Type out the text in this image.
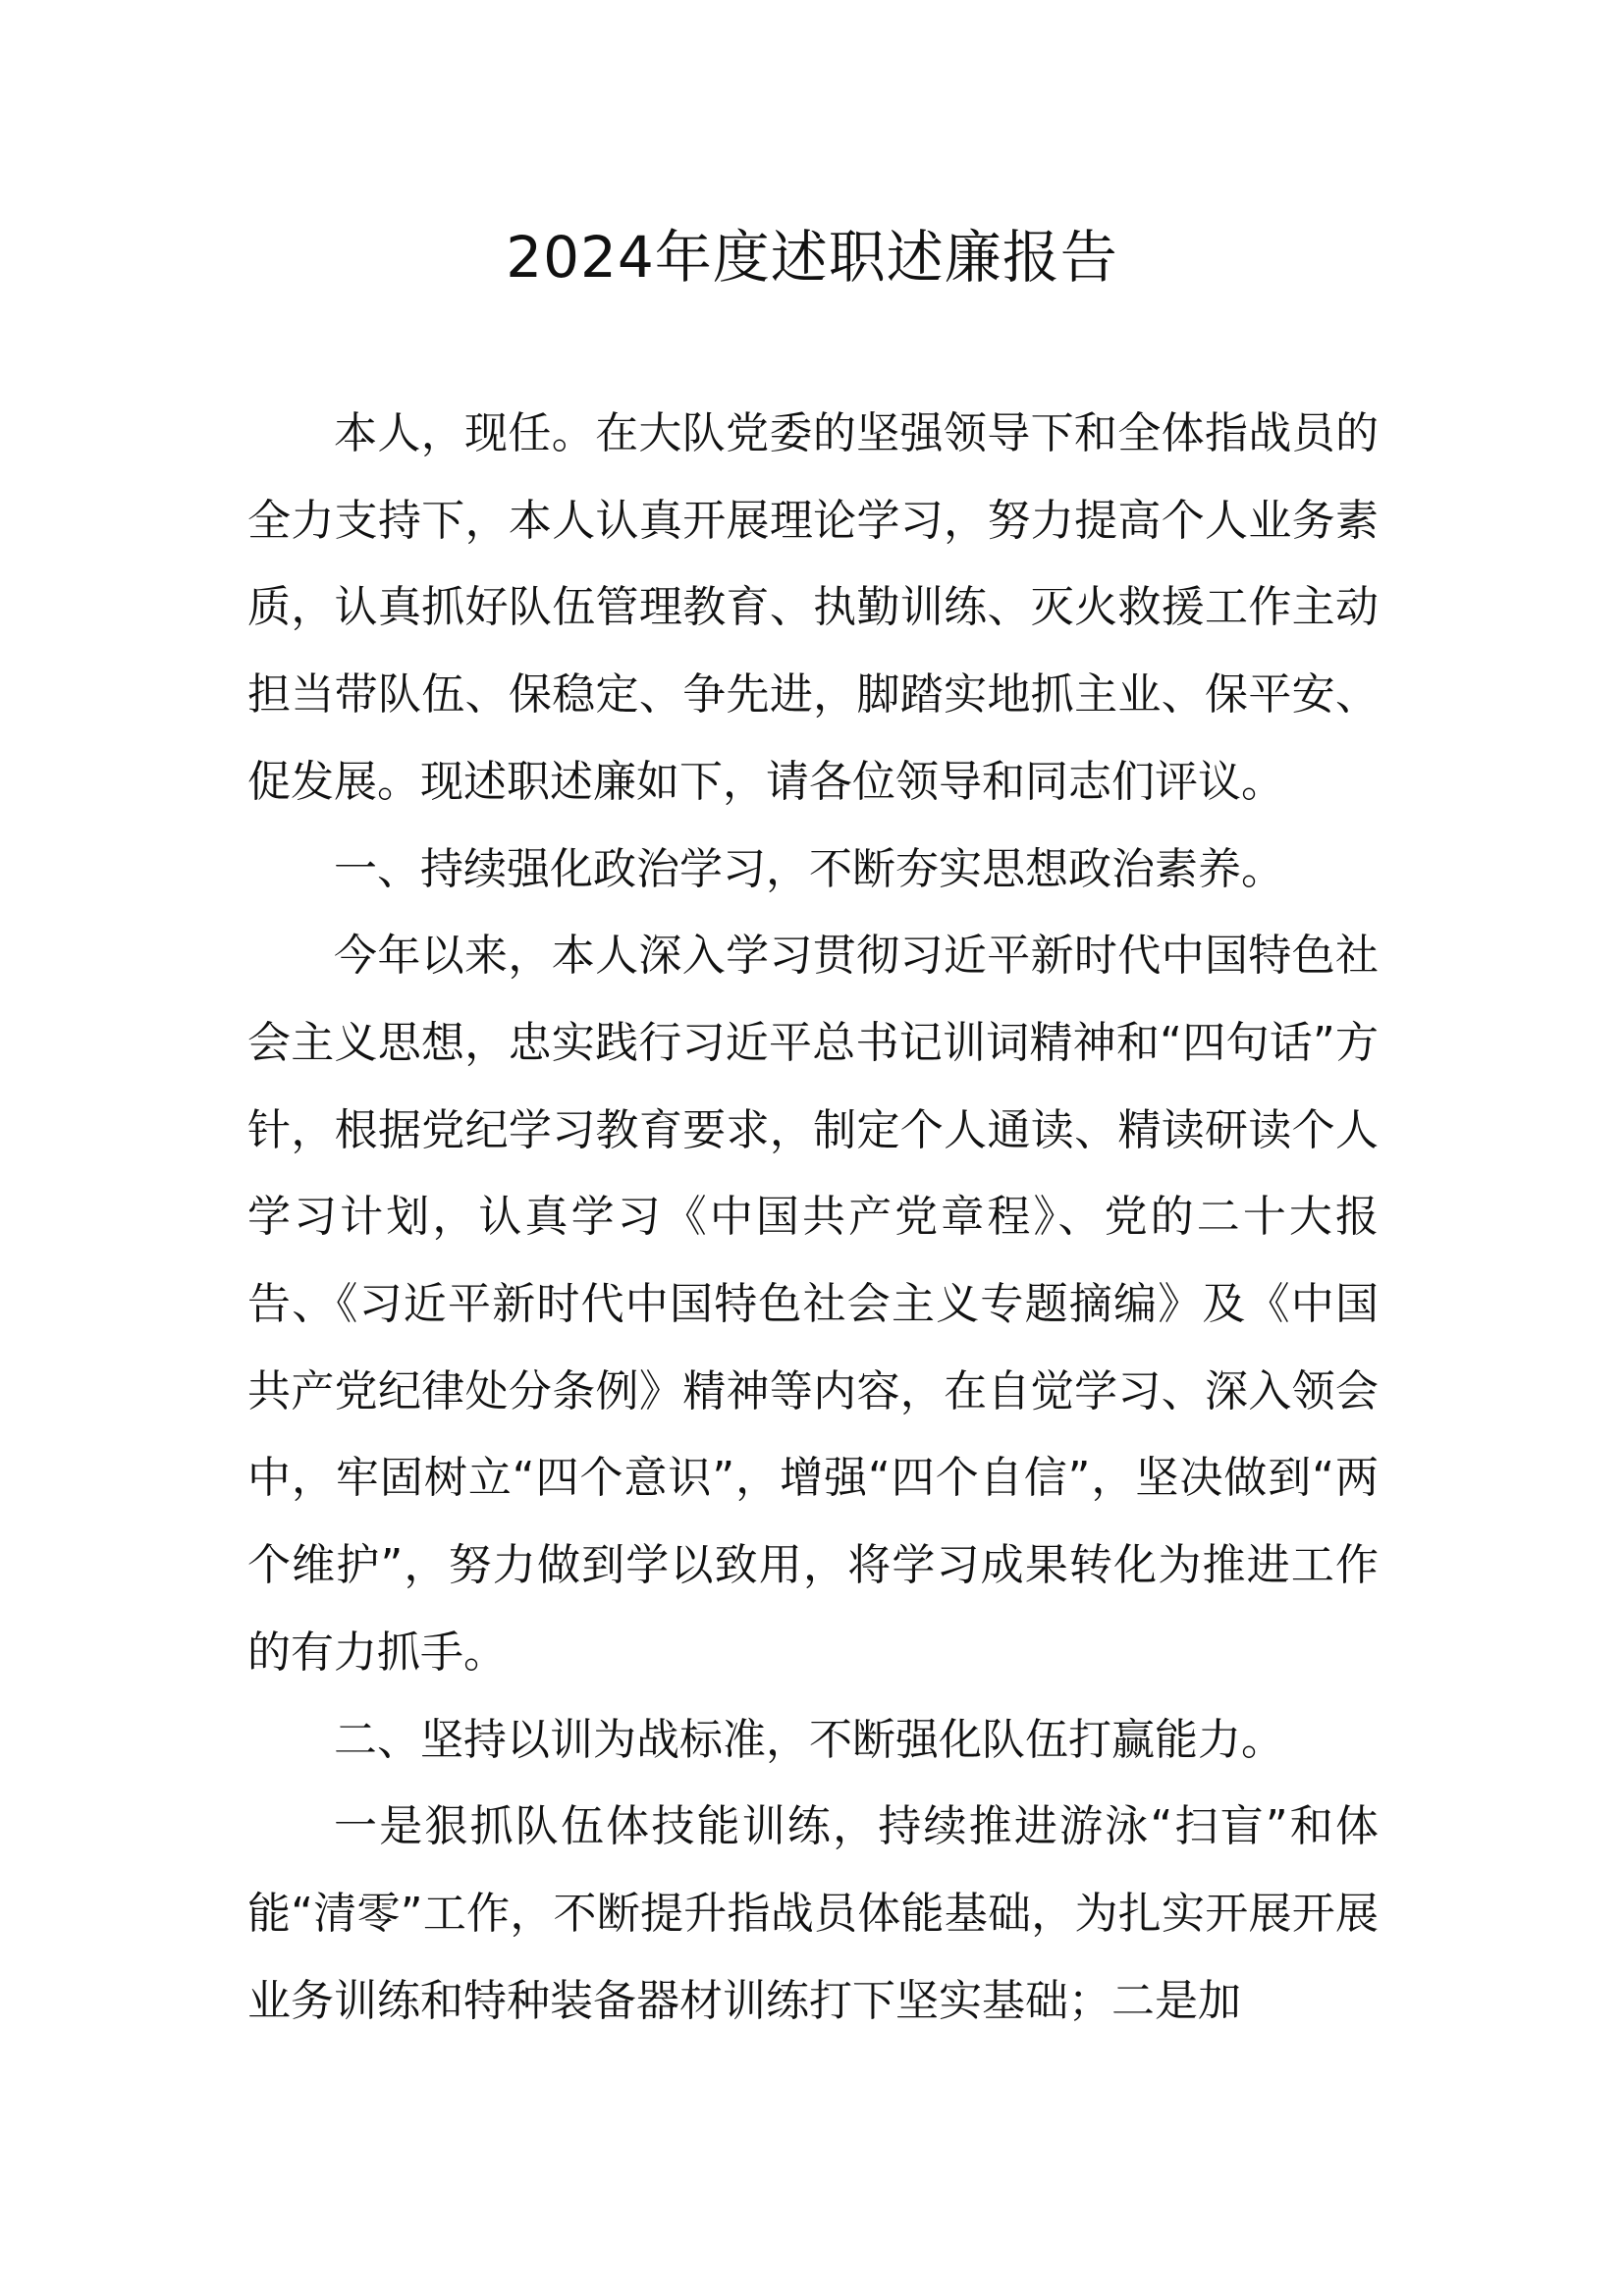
2024年度述职述廉报告

本人，现任。在大队党委的坚强领导下和全体指战员的全力支持下，本人认真开展理论学习，努力提高个人业务素质，认真抓好队伍管理教育、执勤训练、灭火救援工作主动担当带队伍、保稳定、争先进，脚踏实地抓主业、保平安、促发展。现述职述廉如下，请各位领导和同志们评议。

一、持续强化政治学习，不断夯实思想政治素养。

今年以来，本人深入学习贯彻习近平新时代中国特色社会主义思想，忠实践行习近平总书记训词精神和“四句话”方针，根据党纪学习教育要求，制定个人通读、精读研读个人学习计划，认真学习《中国共产党章程》、党的二十大报告、《习近平新时代中国特色社会主义专题摘编》及《中国共产党纪律处分条例》精神等内容，在自觉学习、深入领会中，牢固树立“四个意识”，增强“四个自信”，坚决做到“两个维护”，努力做到学以致用，将学习成果转化为推进工作的有力抓手。

二、坚持以训为战标准，不断强化队伍打赢能力。

一是狠抓队伍体技能训练，持续推进游泳“扫盲”和体能“清零”工作，不断提升指战员体能基础，为扎实开展开展业务训练和特种装备器材训练打下坚实基础；二是加
